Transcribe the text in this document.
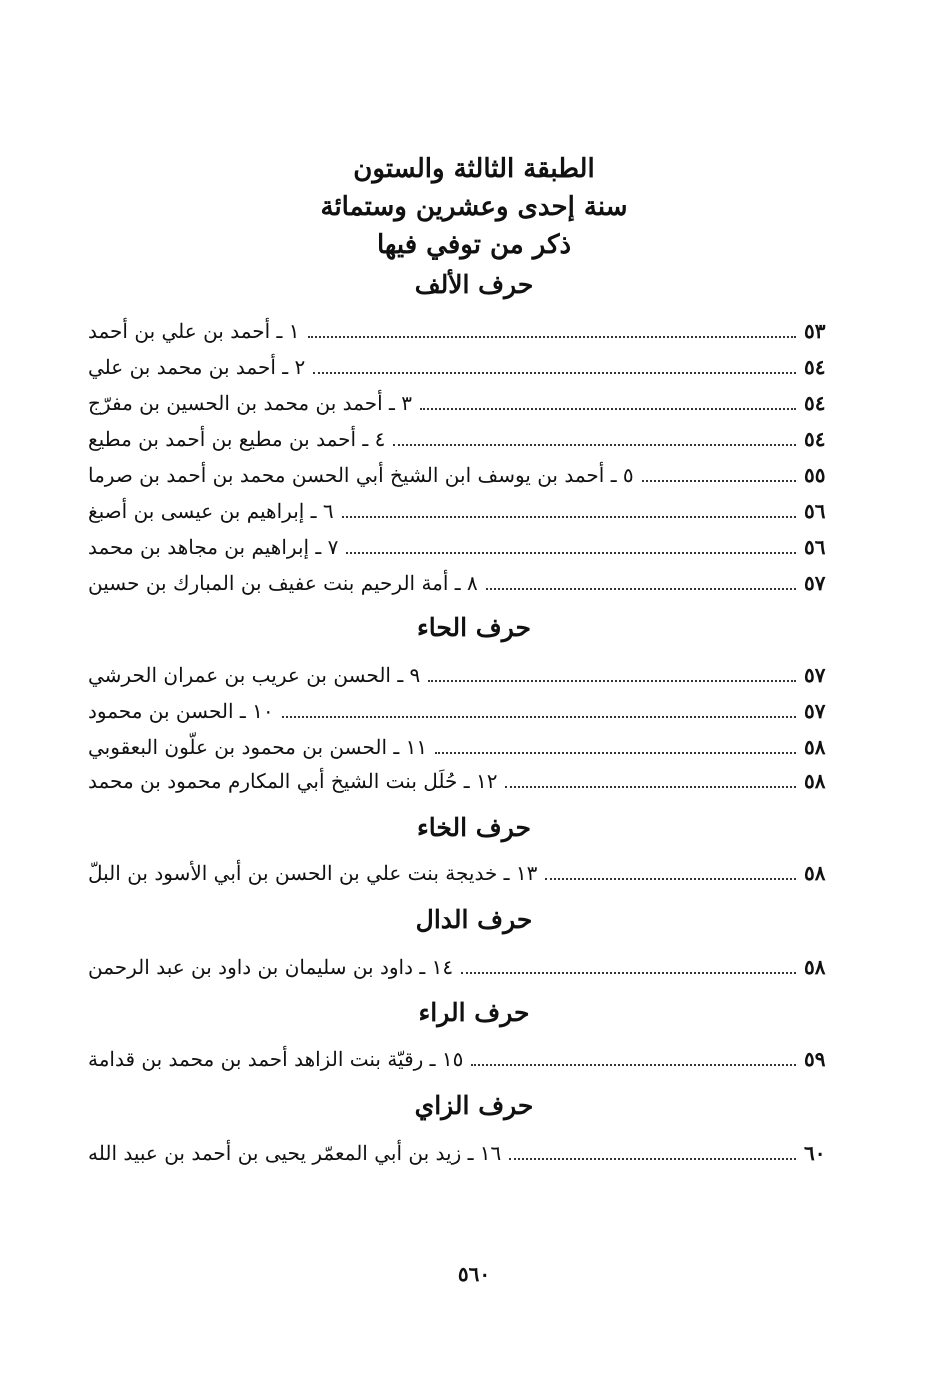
الطبقة الثالثة والستون
سنة إحدى وعشرين وستمائة
ذكر من توفي فيها
حرف الألف
١ ـ أحمد بن علي بن أحمد	٥٣
٢ ـ أحمد بن محمد بن علي	٥٤
٣ ـ أحمد بن محمد بن الحسين بن مفرّج	٥٤
٤ ـ أحمد بن مطيع بن أحمد بن مطيع	٥٤
٥ ـ أحمد بن يوسف ابن الشيخ أبي الحسن محمد بن أحمد بن صرما	٥٥
٦ ـ إبراهيم بن عيسى بن أصبغ	٥٦
٧ ـ إبراهيم بن مجاهد بن محمد	٥٦
٨ ـ أمة الرحيم بنت عفيف بن المبارك بن حسين	٥٧
حرف الحاء
٩ ـ الحسن بن عريب بن عمران الحرشي	٥٧
١٠ ـ الحسن بن محمود	٥٧
١١ ـ الحسن بن محمود بن علّون البعقوبي	٥٨
١٢ ـ حُلَل بنت الشيخ أبي المكارم محمود بن محمد	٥٨
حرف الخاء
١٣ ـ خديجة بنت علي بن الحسن بن أبي الأسود بن البلّ	٥٨
حرف الدال
١٤ ـ داود بن سليمان بن داود بن عبد الرحمن	٥٨
حرف الراء
١٥ ـ رقيّة بنت الزاهد أحمد بن محمد بن قدامة	٥٩
حرف الزاي
١٦ ـ زيد بن أبي المعمّر يحيى بن أحمد بن عبيد الله	٦٠
٥٦٠
